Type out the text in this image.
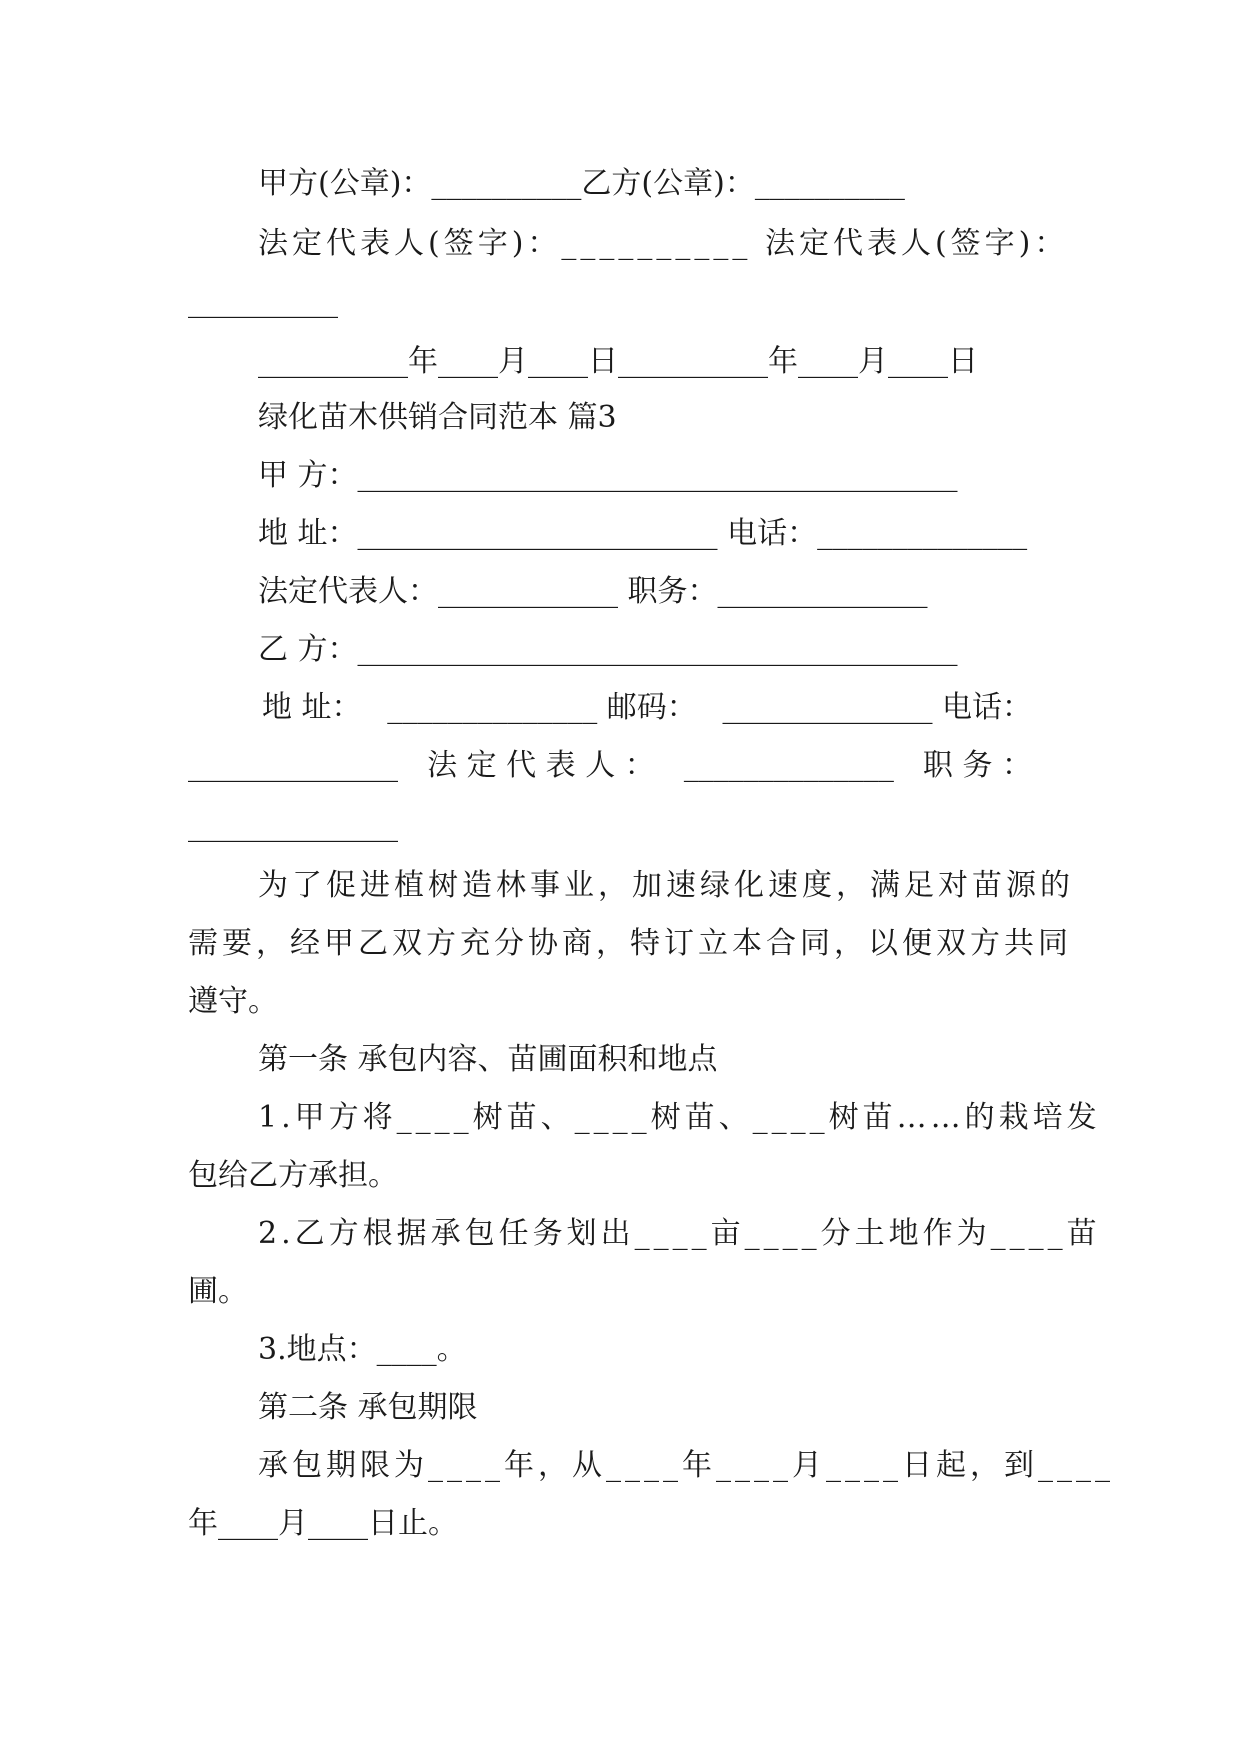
甲方(公章)：__________乙方(公章)：__________
法定代表人(签字)：__________ 法定代表人(签字)：
__________
__________年____月____日__________年____月____日
绿化苗木供销合同范本 篇3
甲 方：________________________________________
地 址：________________________ 电话：______________
法定代表人：____________ 职务：______________
乙 方：________________________________________
地 址： ______________ 邮码： ______________ 电话：
______________ 法 定 代 表 人 ： ______________ 职 务 ：
______________
为了促进植树造林事业，加速绿化速度，满足对苗源的
需要，经甲乙双方充分协商，特订立本合同，以便双方共同
遵守。
第一条 承包内容、苗圃面积和地点
1.甲方将____树苗、____树苗、____树苗……的栽培发
包给乙方承担。
2.乙方根据承包任务划出____亩____分土地作为____苗
圃。
3.地点：____。
第二条 承包期限
承包期限为____年，从____年____月____日起，到____
年____月____日止。
